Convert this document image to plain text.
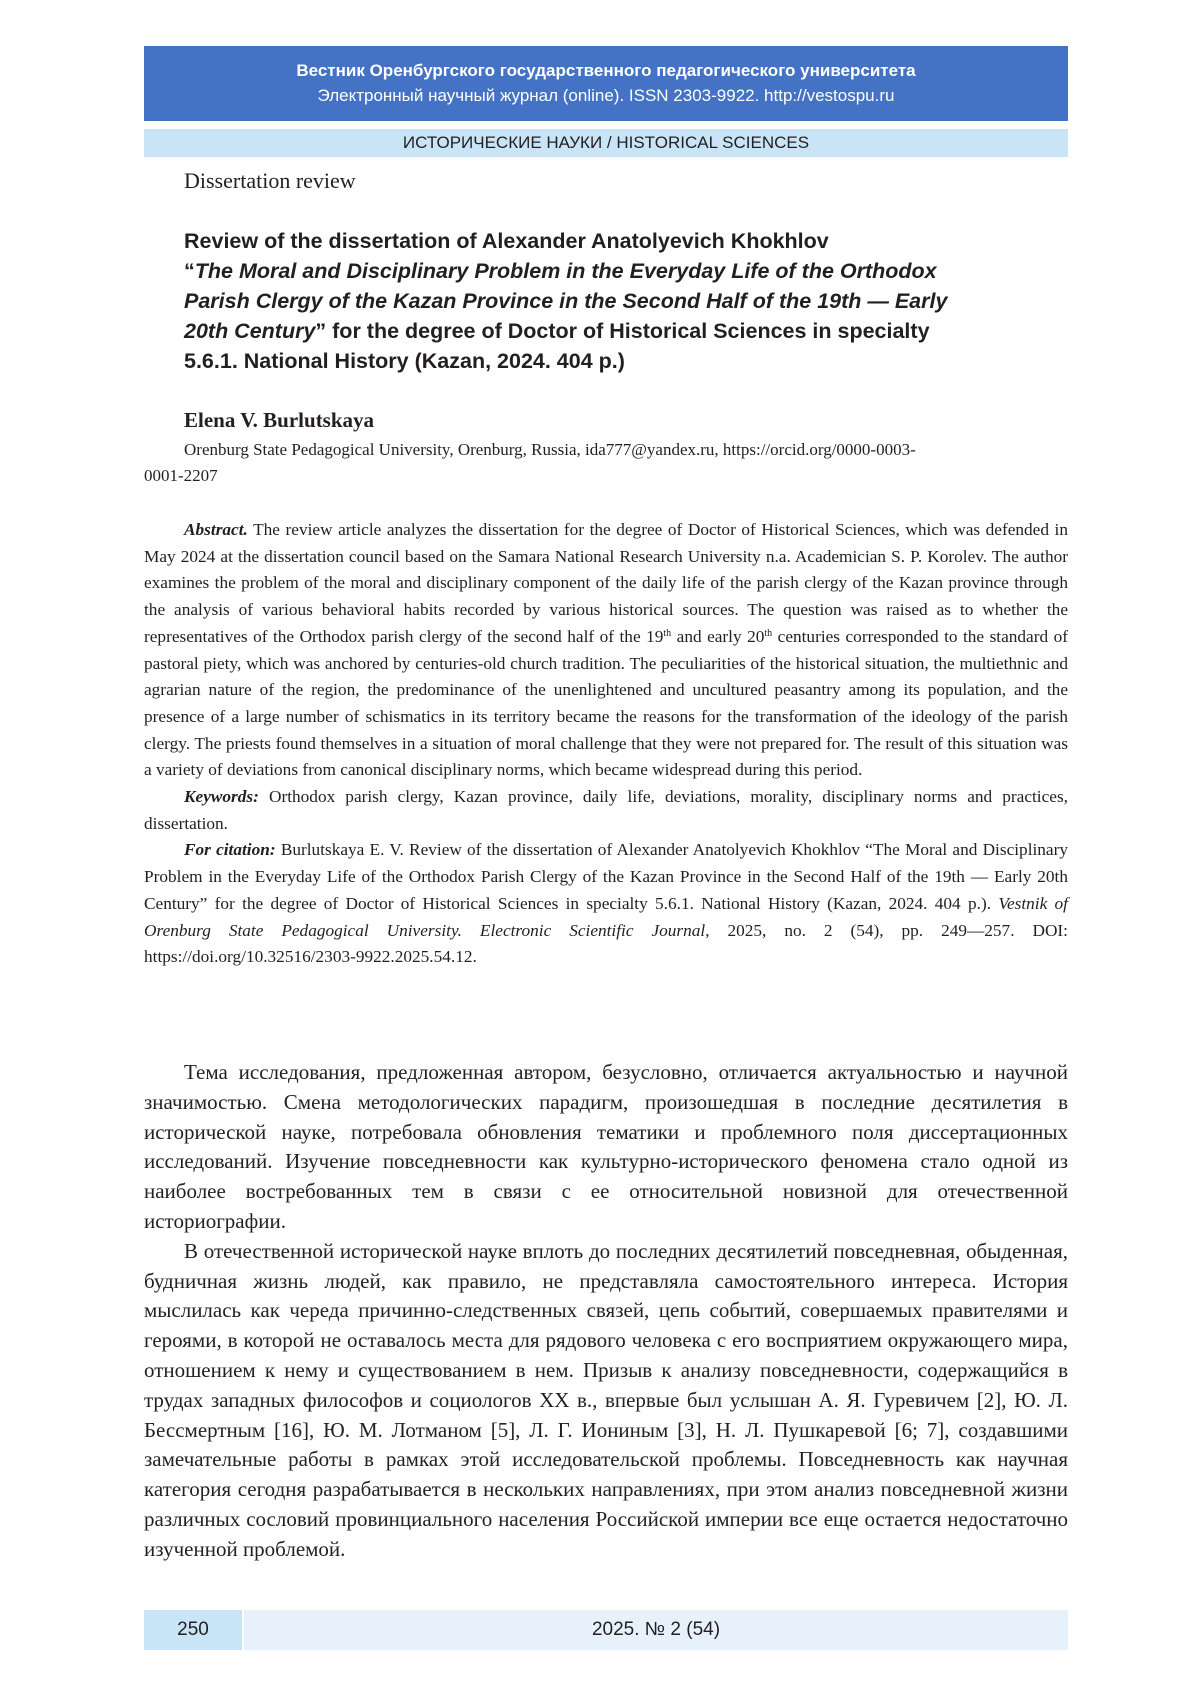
Вестник Оренбургского государственного педагогического университета
Электронный научный журнал (online). ISSN 2303-9922. http://vestospu.ru
ИСТОРИЧЕСКИЕ НАУКИ / HISTORICAL SCIENCES
Dissertation review
Review of the dissertation of Alexander Anatolyevich Khokhlov
“The Moral and Disciplinary Problem in the Everyday Life of the Orthodox
Parish Clergy of the Kazan Province in the Second Half of the 19th — Early
20th Century” for the degree of Doctor of Historical Sciences in specialty
5.6.1. National History (Kazan, 2024. 404 p.)
Elena V. Burlutskaya
Orenburg State Pedagogical University, Orenburg, Russia, ida777@yandex.ru, https://orcid.org/0000-0003-
0001-2207

Abstract. The review article analyzes the dissertation for the degree of Doctor of Historical Sciences, which was defended in May 2024 at the dissertation council based on the Samara National Research University n.a. Academician S. P. Korolev. The author examines the problem of the moral and disciplinary component of the daily life of the parish clergy of the Kazan province through the analysis of various behavioral habits recorded by various historical sources. The question was raised as to whether the representatives of the Orthodox parish clergy of the second half of the 19th and early 20th centuries corresponded to the standard of pastoral piety, which was anchored by centuries-old church tradition. The peculiarities of the historical situation, the multiethnic and agrarian nature of the region, the predominance of the unenlightened and uncultured peasantry among its population, and the presence of a large number of schismatics in its territory became the reasons for the transformation of the ideology of the parish clergy. The priests found themselves in a situation of moral challenge that they were not prepared for. The result of this situation was a variety of deviations from canonical disciplinary norms, which became widespread during this period.

Keywords: Orthodox parish clergy, Kazan province, daily life, deviations, morality, disciplinary norms and practices, dissertation.

For citation: Burlutskaya E. V. Review of the dissertation of Alexander Anatolyevich Khokhlov “The Moral and Disciplinary Problem in the Everyday Life of the Orthodox Parish Clergy of the Kazan Province in the Second Half of the 19th — Early 20th Century” for the degree of Doctor of Historical Sciences in specialty 5.6.1. National History (Kazan, 2024. 404 p.). Vestnik of Orenburg State Pedagogical University. Electronic Scientific Journal, 2025, no. 2 (54), pp. 249—257. DOI: https://doi.org/10.32516/2303-9922.2025.54.12.

Тема исследования, предложенная автором, безусловно, отличается актуальностью и научной значимостью. Смена методологических парадигм, произошедшая в последние десятилетия в исторической науке, потребовала обновления тематики и проблемного поля диссертационных исследований. Изучение повседневности как культурно-исторического феномена стало одной из наиболее востребованных тем в связи с ее относительной новизной для отечественной историографии.

В отечественной исторической науке вплоть до последних десятилетий повседневная, обыденная, будничная жизнь людей, как правило, не представляла самостоятельного интереса. История мыслилась как череда причинно-следственных связей, цепь событий, совершаемых правителями и героями, в которой не оставалось места для рядового человека с его восприятием окружающего мира, отношением к нему и существованием в нем. Призыв к анализу повседневности, содержащийся в трудах западных философов и социологов XX в., впервые был услышан А. Я. Гуревичем [2], Ю. Л. Бессмертным [16], Ю. М. Лотманом [5], Л. Г. Иониным [3], Н. Л. Пушкаревой [6; 7], создавшими замечательные работы в рамках этой исследовательской проблемы. Повседневность как научная категория сегодня разрабатывается в нескольких направлениях, при этом анализ повседневной жизни различных сословий провинциального населения Российской империи все еще остается недостаточно изученной проблемой.

250	2025. № 2 (54)
